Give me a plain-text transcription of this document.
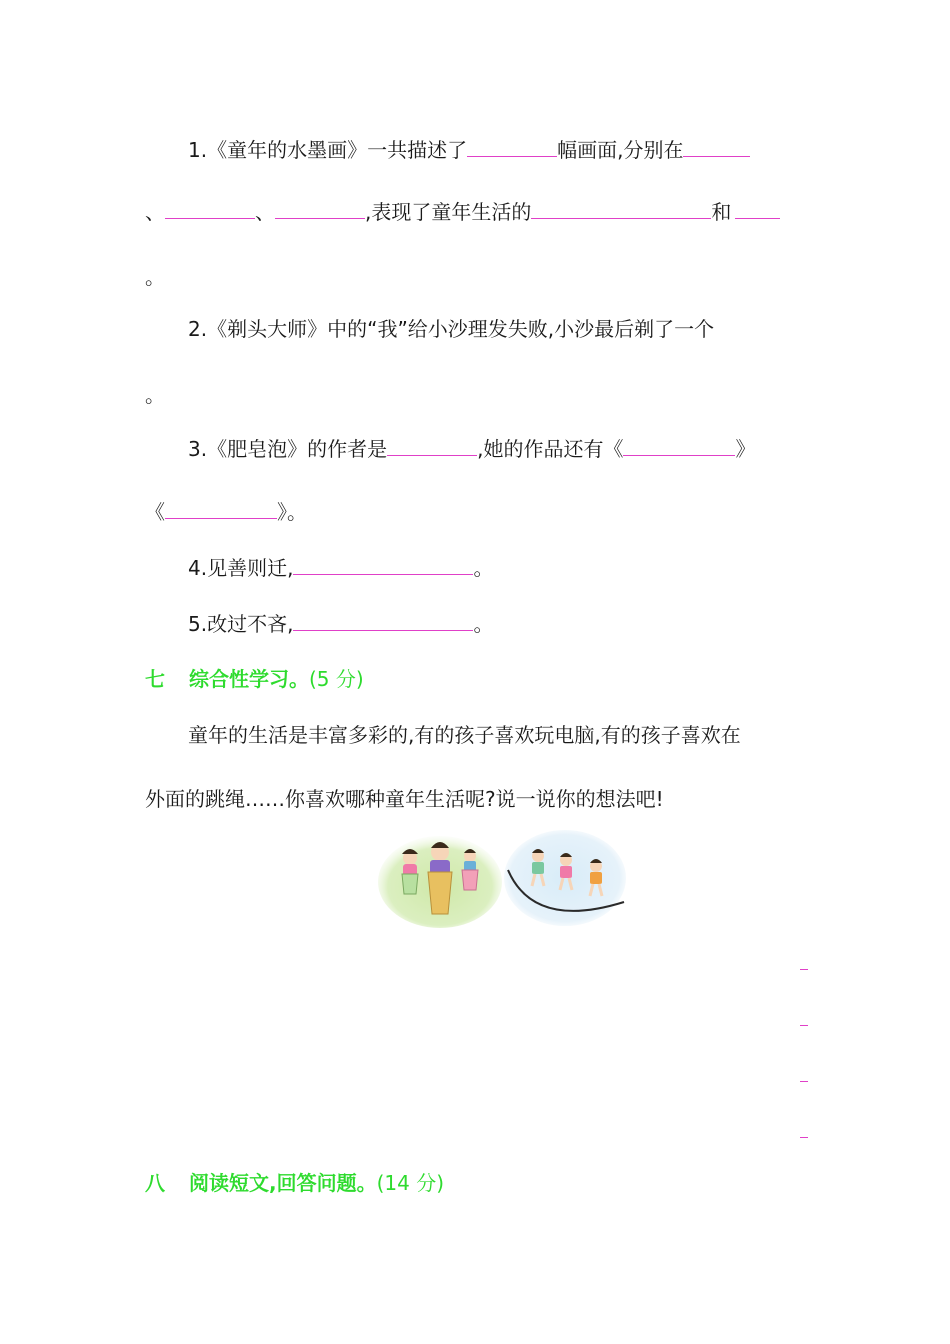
1.《童年的水墨画》一共描述了	幅画面,分别在
、	、	,表现了童年生活的	和
。
2.《剃头大师》中的“我”给小沙理发失败,小沙最后剃了一个
。
3.《肥皂泡》的作者是	,她的作品还有《	》
《	》。
4.见善则迁,	。
5.改过不吝,	。
七 综合性学习。(5 分)
童年的生活是丰富多彩的,有的孩子喜欢玩电脑,有的孩子喜欢在
外面的跳绳……你喜欢哪种童年生活呢?说一说你的想法吧!
八 阅读短文,回答问题。(14 分)
